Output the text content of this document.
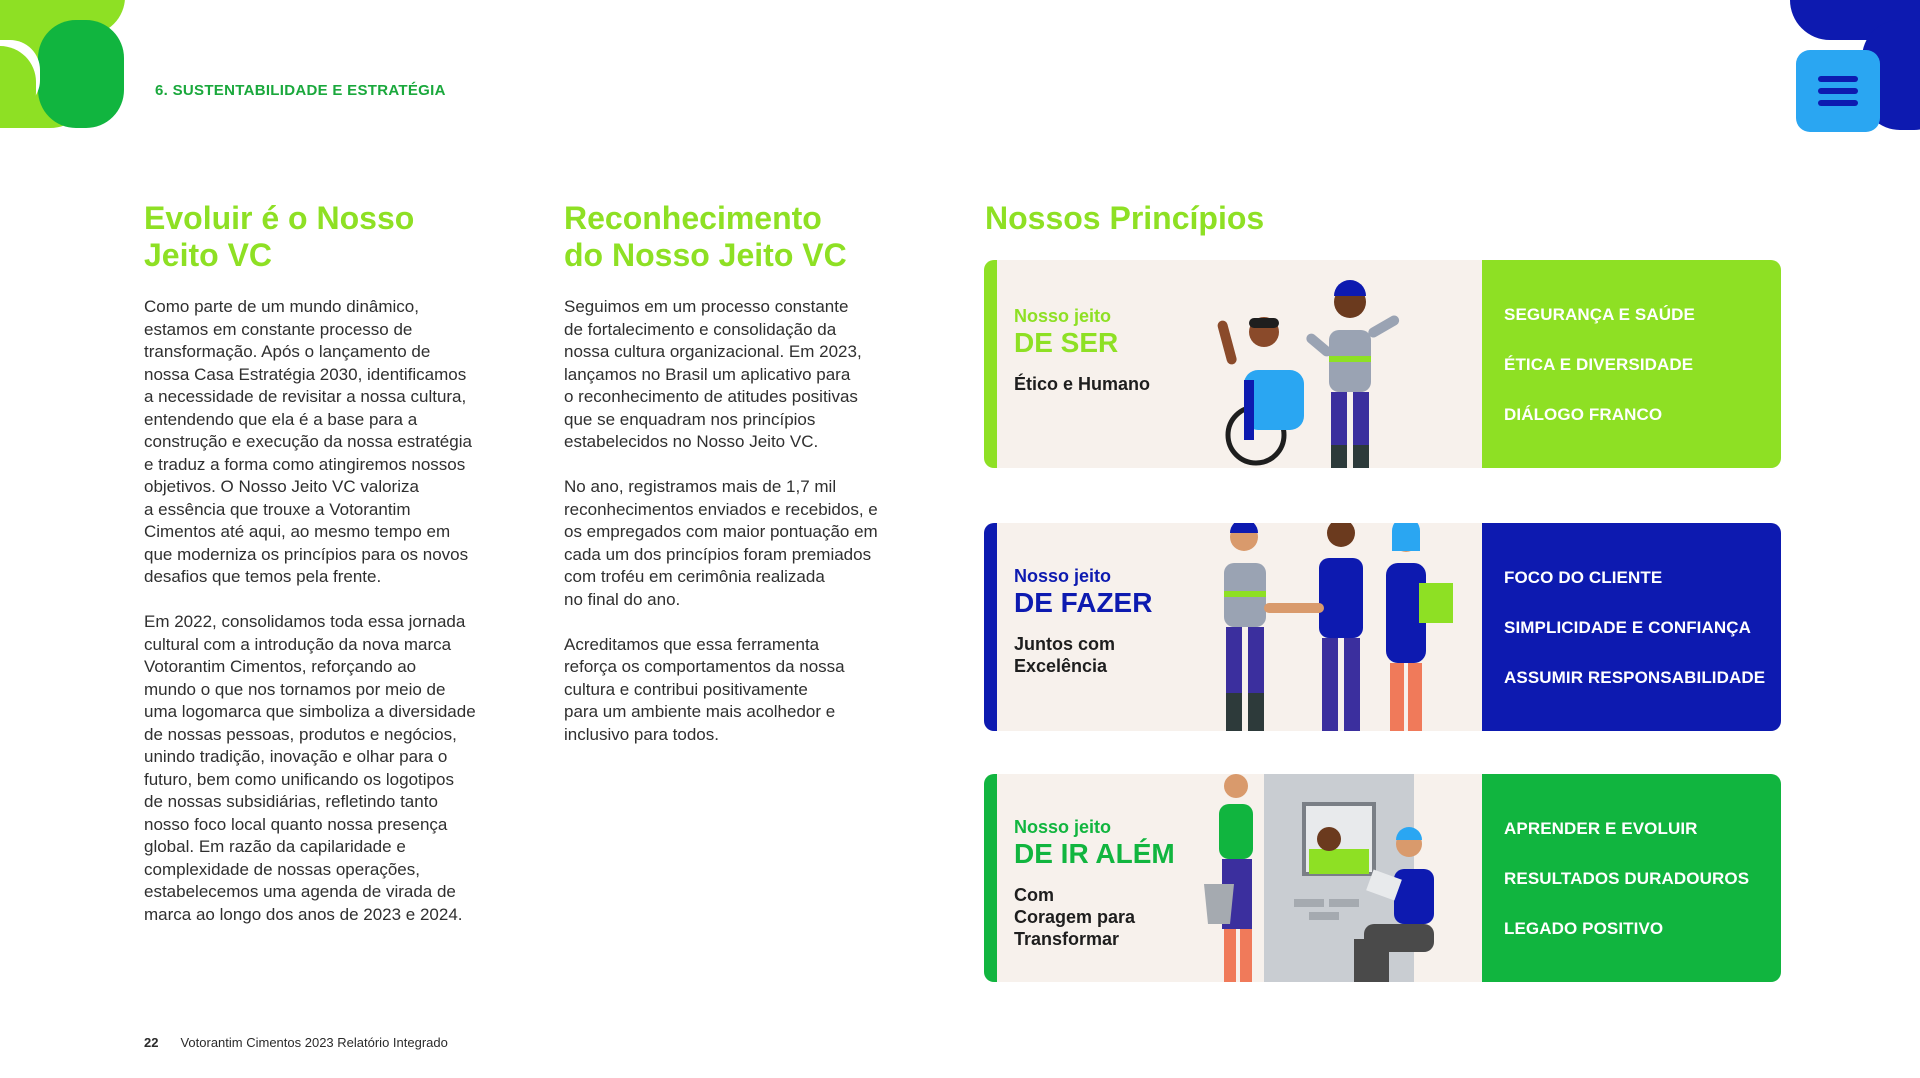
6. SUSTENTABILIDADE E ESTRATÉGIA
Evoluir é o Nosso
Jeito VC

Como parte de um mundo dinâmico,
estamos em constante processo de
transformação. Após o lançamento de
nossa Casa Estratégia 2030, identificamos
a necessidade de revisitar a nossa cultura,
entendendo que ela é a base para a
construção e execução da nossa estratégia
e traduz a forma como atingiremos nossos
objetivos. O Nosso Jeito VC valoriza
a essência que trouxe a Votorantim
Cimentos até aqui, ao mesmo tempo em
que moderniza os princípios para os novos
desafios que temos pela frente.

Em 2022, consolidamos toda essa jornada
cultural com a introdução da nova marca
Votorantim Cimentos, reforçando ao
mundo o que nos tornamos por meio de
uma logomarca que simboliza a diversidade
de nossas pessoas, produtos e negócios,
unindo tradição, inovação e olhar para o
futuro, bem como unificando os logotipos
de nossas subsidiárias, refletindo tanto
nosso foco local quanto nossa presença
global. Em razão da capilaridade e
complexidade de nossas operações,
estabelecemos uma agenda de virada de
marca ao longo dos anos de 2023 e 2024.

Reconhecimento
do Nosso Jeito VC

Seguimos em um processo constante
de fortalecimento e consolidação da
nossa cultura organizacional. Em 2023,
lançamos no Brasil um aplicativo para
o reconhecimento de atitudes positivas
que se enquadram nos princípios
estabelecidos no Nosso Jeito VC.

No ano, registramos mais de 1,7 mil
reconhecimentos enviados e recebidos, e
os empregados com maior pontuação em
cada um dos princípios foram premiados
com troféu em cerimônia realizada
no final do ano.

Acreditamos que essa ferramenta
reforça os comportamentos da nossa
cultura e contribui positivamente
para um ambiente mais acolhedor e
inclusivo para todos.

Nossos Princípios
Nosso jeito
DE SER
Ético e Humano
SEGURANÇA E SAÚDE
ÉTICA E DIVERSIDADE
DIÁLOGO FRANCO
Nosso jeito
DE FAZER
Juntos com
Excelência
FOCO DO CLIENTE
SIMPLICIDADE E CONFIANÇA
ASSUMIR RESPONSABILIDADE
Nosso jeito
DE IR ALÉM
Com
Coragem para
Transformar
APRENDER E EVOLUIR
RESULTADOS DURADOUROS
LEGADO POSITIVO
22 Votorantim Cimentos 2023 Relatório Integrado
